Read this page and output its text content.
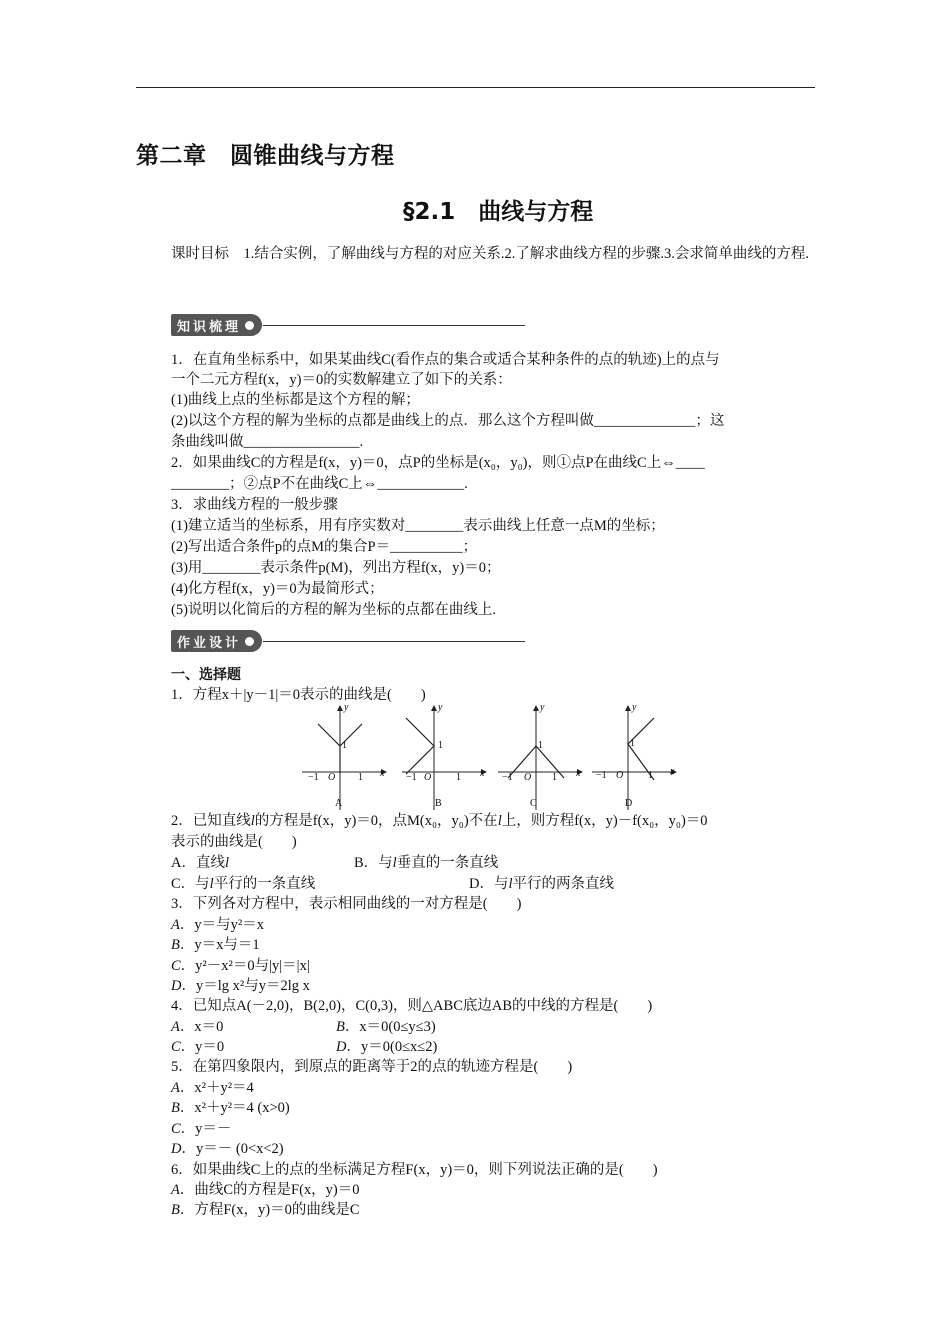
第二章　圆锥曲线与方程
§2.1　曲线与方程
课时目标　1.结合实例，了解曲线与方程的对应关系.2.了解求曲线方程的步骤.3.会求简单曲线的方程.
知识梳理
1．在直角坐标系中，如果某曲线C(看作点的集合或适合某种条件的点的轨迹)上的点与
一个二元方程f(x，y)＝0的实数解建立了如下的关系：
(1)曲线上点的坐标都是这个方程的解；
(2)以这个方程的解为坐标的点都是曲线上的点．那么这个方程叫做______________；这
条曲线叫做________________.
2．如果曲线C的方程是f(x，y)＝0，点P的坐标是(x₀，y₀)，则①点P在曲线C上⇔____
________；②点P不在曲线C上⇔____________.
3．求曲线方程的一般步骤
(1)建立适当的坐标系，用有序实数对________表示曲线上任意一点M的坐标；
(2)写出适合条件p的点M的集合P＝__________；
(3)用________表示条件p(M)，列出方程f(x，y)＝0；
(4)化方程f(x，y)＝0为最简形式；
(5)说明以化简后的方程的解为坐标的点都在曲线上.
作业设计
一、选择题
1．方程x＋|y－1|＝0表示的曲线是(　　)
y
1
−1 O 1 x
A
y
1
−1 O 1 x
B
y
1
−1 O 1 x
C
y
1
−1 O 1 x
D
2．已知直线l的方程是f(x，y)＝0，点M(x₀，y₀)不在l上，则方程f(x，y)－f(x₀，y₀)＝0
表示的曲线是(　　)
A．直线l	B．与l垂直的一条直线
C．与l平行的一条直线	D．与l平行的两条直线
3．下列各对方程中，表示相同曲线的一对方程是(　　)
A．y＝与y²＝x
B．y＝x与＝1
C．y²－x²＝0与|y|＝|x|
D．y＝lg x²与y＝2lg x
4．已知点A(－2,0)，B(2,0)，C(0,3)，则△ABC底边AB的中线的方程是(　　)
A．x＝0	B．x＝0(0≤y≤3)
C．y＝0	D．y＝0(0≤x≤2)
5．在第四象限内，到原点的距离等于2的点的轨迹方程是(　　)
A．x²＋y²＝4
B．x²＋y²＝4 (x>0)
C．y＝－
D．y＝－ (0<x<2)
6．如果曲线C上的点的坐标满足方程F(x，y)＝0，则下列说法正确的是(　　)
A．曲线C的方程是F(x，y)＝0
B．方程F(x，y)＝0的曲线是C
